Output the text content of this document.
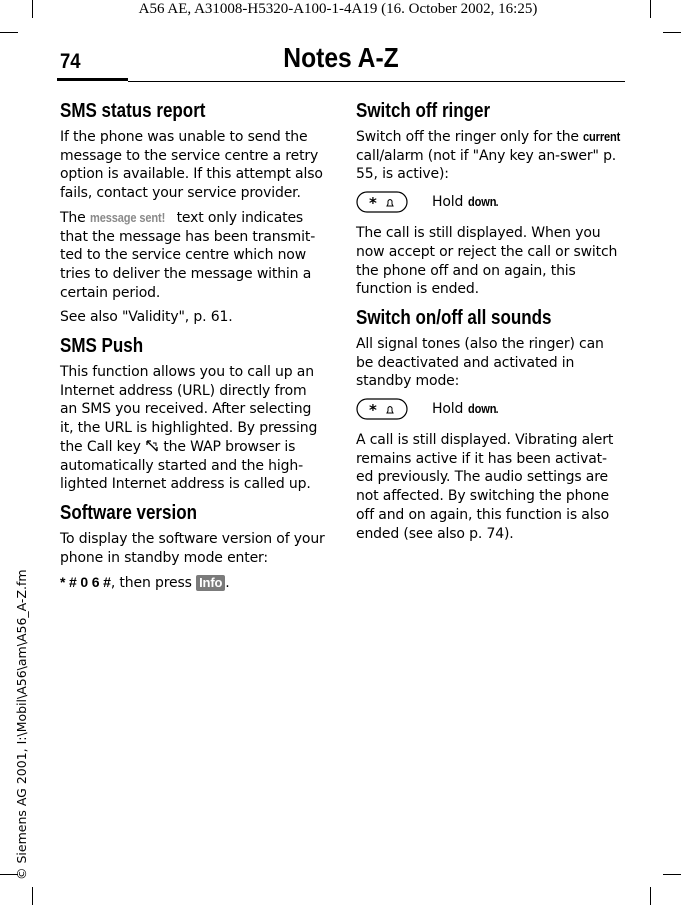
A56 AE, A31008-H5320-A100-1-4A19 (16. October 2002, 16:25)
74	Notes A-Z
© Siemens AG 2001, I:\Mobil\A56\am\A56_A-Z.fm
SMS status report

If the phone was unable to send the message to the service centre a retry option is available. If this attempt also fails, contact your service provider.

The message sent! text only indicates that the message has been transmit-ted to the service centre which now tries to deliver the message within a certain period.

See also "Validity", p. 61.

SMS Push

This function allows you to call up an Internet address (URL) directly from an SMS you received. After selecting it, the URL is highlighted. By pressing the Call key  the WAP browser is automatically started and the high-lighted Internet address is called up.

Software version

To display the software version of your phone in standby mode enter:

* # 0 6 #, then press Info .

Switch off ringer

Switch off the ringer only for the current call/alarm (not if "Any key an-swer" p. 55, is active):

*	Hold down.

The call is still displayed. When you now accept or reject the call or switch the phone off and on again, this function is ended.

Switch on/off all sounds

All signal tones (also the ringer) can be deactivated and activated in standby mode:

*	Hold down.

A call is still displayed. Vibrating alert remains active if it has been activat-ed previously. The audio settings are not affected. By switching the phone off and on again, this function is also ended (see also p. 74).
